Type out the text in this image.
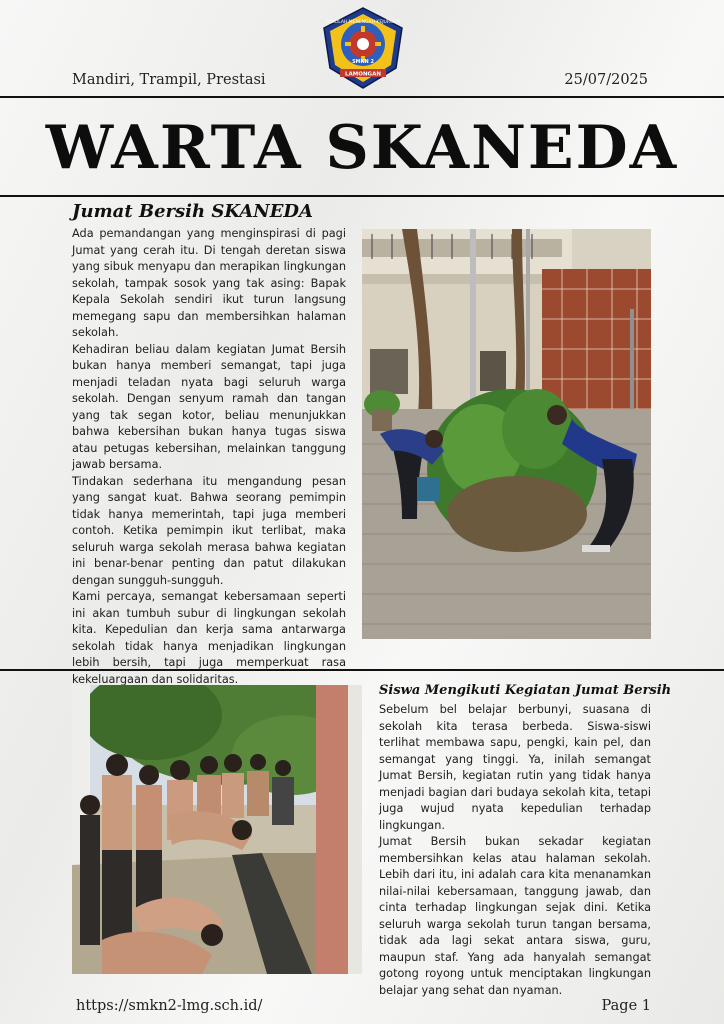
SEKOLAH MENENGAH KEJURUAN
SMKN 2
LAMONGAN
Mandiri, Trampil, Prestasi	25/07/2025
WARTA SKANEDA
Jumat Bersih SKANEDA

Ada pemandangan yang menginspirasi di pagi Jumat yang cerah itu. Di tengah deretan siswa yang sibuk menyapu dan merapikan lingkungan sekolah, tampak sosok yang tak asing: Bapak Kepala Sekolah sendiri ikut turun langsung memegang sapu dan membersihkan halaman sekolah.

Kehadiran beliau dalam kegiatan Jumat Bersih bukan hanya memberi semangat, tapi juga menjadi teladan nyata bagi seluruh warga sekolah. Dengan senyum ramah dan tangan yang tak segan kotor, beliau menunjukkan bahwa kebersihan bukan hanya tugas siswa atau petugas kebersihan, melainkan tanggung jawab bersama.

Tindakan sederhana itu mengandung pesan yang sangat kuat. Bahwa seorang pemimpin tidak hanya memerintah, tapi juga memberi contoh. Ketika pemimpin ikut terlibat, maka seluruh warga sekolah merasa bahwa kegiatan ini benar-benar penting dan patut dilakukan dengan sungguh-sungguh.

Kami percaya, semangat kebersamaan seperti ini akan tumbuh subur di lingkungan sekolah kita. Kepedulian dan kerja sama antarwarga sekolah tidak hanya menjadikan lingkungan lebih bersih, tapi juga memperkuat rasa kekeluargaan dan solidaritas.

Siswa Mengikuti Kegiatan Jumat Bersih

Sebelum bel belajar berbunyi, suasana di sekolah kita terasa berbeda. Siswa-siswi terlihat membawa sapu, pengki, kain pel, dan semangat yang tinggi. Ya, inilah semangat Jumat Bersih, kegiatan rutin yang tidak hanya menjadi bagian dari budaya sekolah kita, tetapi juga wujud nyata kepedulian terhadap lingkungan.

Jumat Bersih bukan sekadar kegiatan membersihkan kelas atau halaman sekolah. Lebih dari itu, ini adalah cara kita menanamkan nilai-nilai kebersamaan, tanggung jawab, dan cinta terhadap lingkungan sejak dini. Ketika seluruh warga sekolah turun tangan bersama, tidak ada lagi sekat antara siswa, guru, maupun staf. Yang ada hanyalah semangat gotong royong untuk menciptakan lingkungan belajar yang sehat dan nyaman.

https://smkn2-lmg.sch.id/	Page 1
